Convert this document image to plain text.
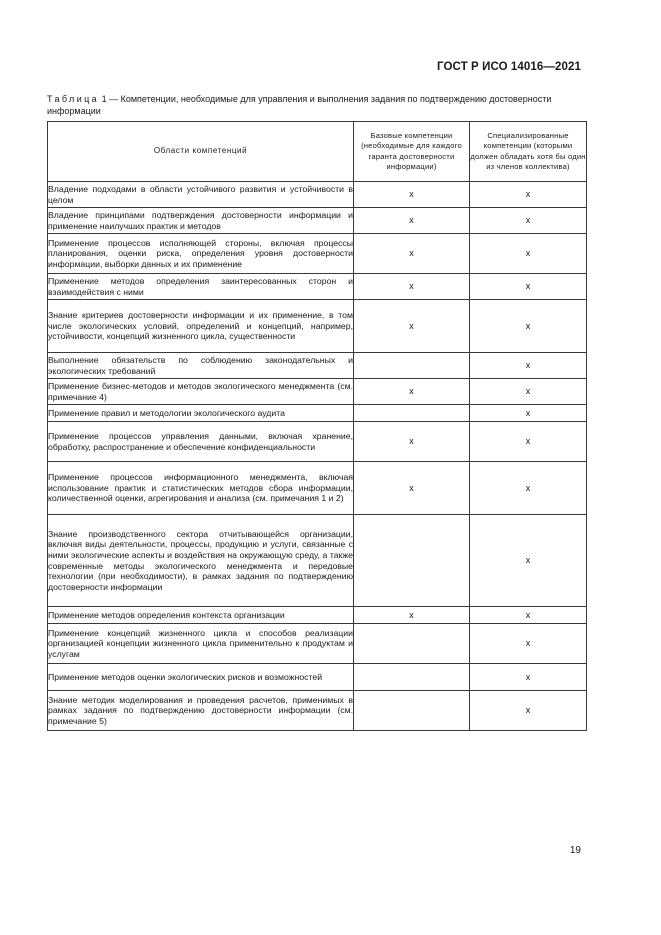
ГОСТ Р ИСО 14016—2021
Таблица 1 — Компетенции, необходимые для управления и выполнения задания по подтверждению достоверности информации
Области компетенций	Базовые компетенции (необходимые для каждого гаранта достоверности информации)	Специализированные компетенции (которыми должен обладать хотя бы один из членов коллектива)
Владение подходами в области устойчивого развития и устойчивости в целом	x	x
Владение принципами подтверждения достоверности информации и применение наилучших практик и методов	x	x
Применение процессов исполняющей стороны, включая процессы планирования, оценки риска, определения уровня достоверности информации, выборки данных и их применение	x	x
Применение методов определения заинтересованных сторон и взаимодействия с ними	x	x
Знание критериев достоверности информации и их применение, в том числе экологических условий, определений и концепций, например, устойчивости, концепций жизненного цикла, существенности	x	x
Выполнение обязательств по соблюдению законодательных и экологических требований		x
Применение бизнес-методов и методов экологического менеджмента (см. примечание 4)	x	x
Применение правил и методологии экологического аудита		x
Применение процессов управления данными, включая хранение, обработку, распространение и обеспечение конфиденциальности	x	x
Применение процессов информационного менеджмента, включая использование практик и статистических методов сбора информации, количественной оценки, агрегирования и анализа (см. примечания 1 и 2)	x	x
Знание производственного сектора отчитывающейся организации, включая виды деятельности, процессы, продукцию и услуги, связанные с ними экологические аспекты и воздействия на окружающую среду, а также современные методы экологического менеджмента и передовые технологии (при необходимости), в рамках задания по подтверждению достоверности информации		x
Применение методов определения контекста организации	x	x
Применение концепций жизненного цикла и способов реализации организацией концепции жизненного цикла применительно к продуктам и услугам		x
Применение методов оценки экологических рисков и возможностей		x
Знание методик моделирования и проведения расчетов, применимых в рамках задания по подтверждению достоверности информации (см. примечание 5)		x
19
